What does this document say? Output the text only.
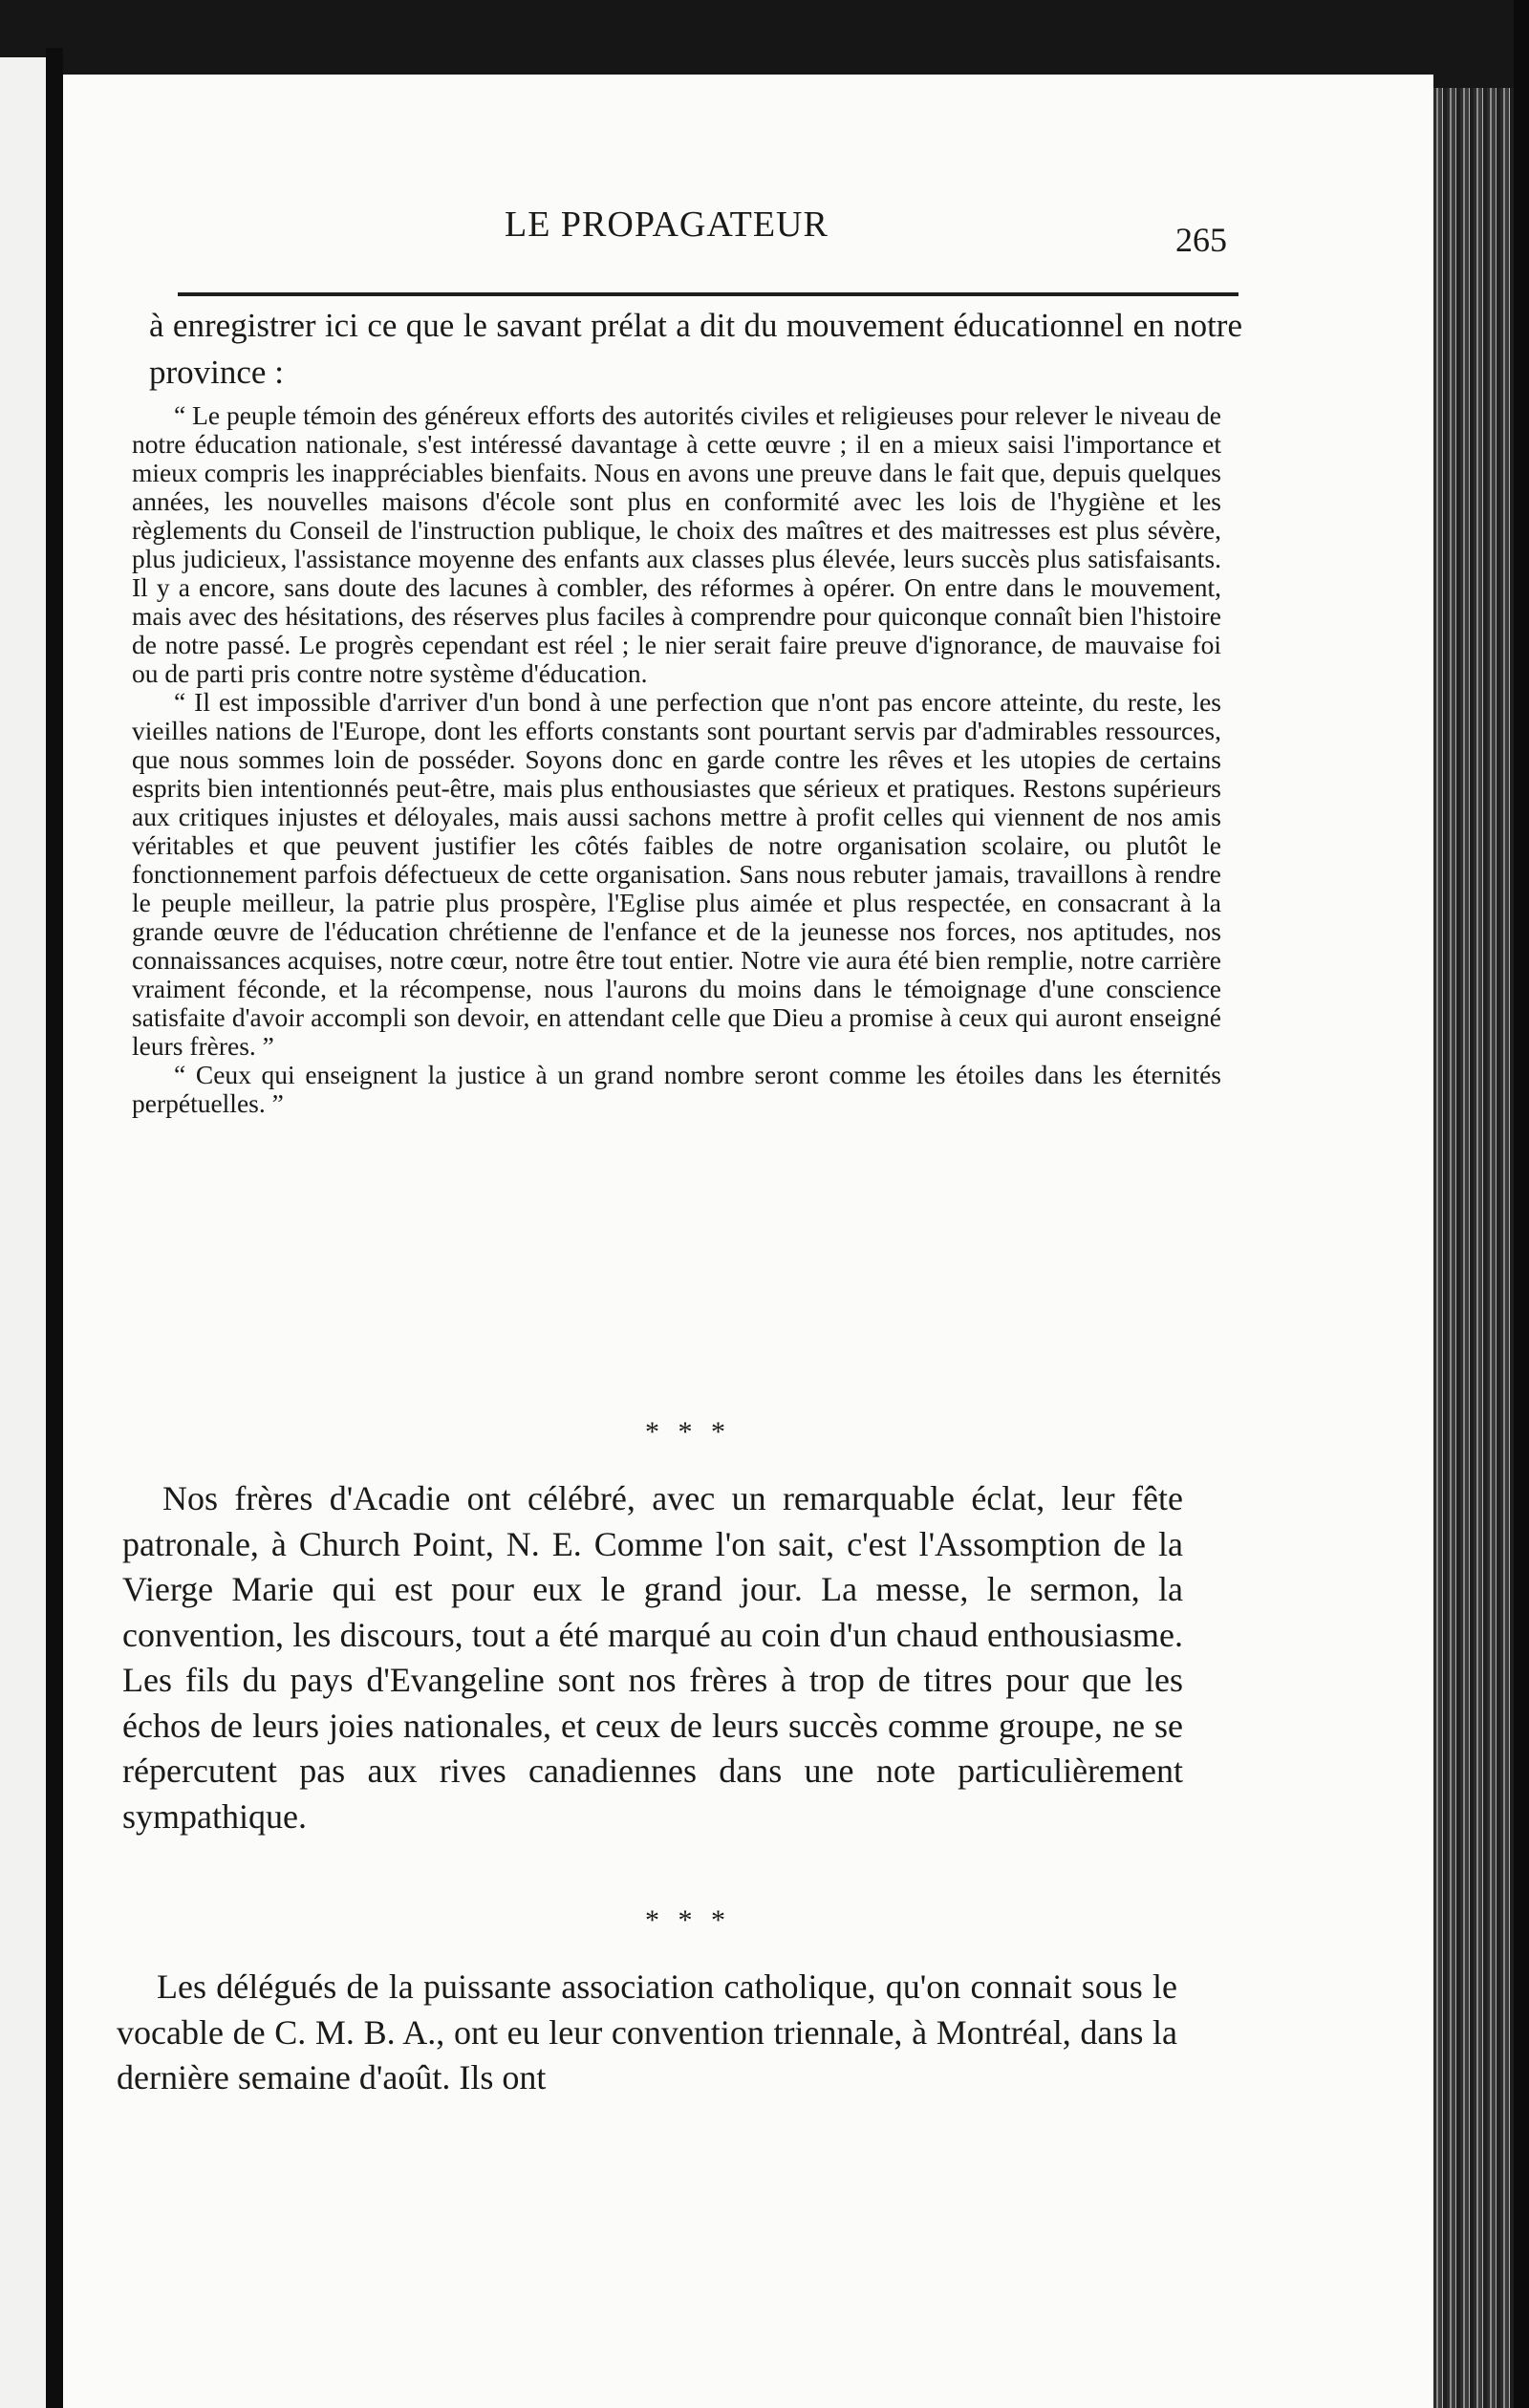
LE PROPAGATEUR	265
à enregistrer ici ce que le savant prélat a dit du mouvement éducationnel en notre province :

“ Le peuple témoin des généreux efforts des autorités civiles et religieuses pour relever le niveau de notre éducation nationale, s'est intéressé davantage à cette œuvre ; il en a mieux saisi l'importance et mieux compris les inappréciables bienfaits. Nous en avons une preuve dans le fait que, depuis quelques années, les nouvelles maisons d'école sont plus en conformité avec les lois de l'hygiène et les règlements du Conseil de l'instruction publique, le choix des maîtres et des maitresses est plus sévère, plus judicieux, l'assistance moyenne des enfants aux classes plus élevée, leurs succès plus satisfaisants. Il y a encore, sans doute des lacunes à combler, des réformes à opérer. On entre dans le mouvement, mais avec des hésitations, des réserves plus faciles à comprendre pour quiconque connaît bien l'histoire de notre passé. Le progrès cependant est réel ; le nier serait faire preuve d'ignorance, de mauvaise foi ou de parti pris contre notre système d'éducation.

“ Il est impossible d'arriver d'un bond à une perfection que n'ont pas encore atteinte, du reste, les vieilles nations de l'Europe, dont les efforts constants sont pourtant servis par d'admirables ressources, que nous sommes loin de posséder. Soyons donc en garde contre les rêves et les utopies de certains esprits bien intentionnés peut-être, mais plus enthousiastes que sérieux et pratiques. Restons supérieurs aux critiques injustes et déloyales, mais aussi sachons mettre à profit celles qui viennent de nos amis véritables et que peuvent justifier les côtés faibles de notre organisation scolaire, ou plutôt le fonctionnement parfois défectueux de cette organisation. Sans nous rebuter jamais, travaillons à rendre le peuple meilleur, la patrie plus prospère, l'Eglise plus aimée et plus respectée, en consacrant à la grande œuvre de l'éducation chrétienne de l'enfance et de la jeunesse nos forces, nos aptitudes, nos connaissances acquises, notre cœur, notre être tout entier. Notre vie aura été bien remplie, notre carrière vraiment féconde, et la récompense, nous l'aurons du moins dans le témoignage d'une conscience satisfaite d'avoir accompli son devoir, en attendant celle que Dieu a promise à ceux qui auront enseigné leurs frères. ”

“ Ceux qui enseignent la justice à un grand nombre seront comme les étoiles dans les éternités perpétuelles. ”

* * *

Nos frères d'Acadie ont célébré, avec un remarquable éclat, leur fête patronale, à Church Point, N. E. Comme l'on sait, c'est l'Assomption de la Vierge Marie qui est pour eux le grand jour. La messe, le sermon, la convention, les discours, tout a été marqué au coin d'un chaud enthousiasme. Les fils du pays d'Evangeline sont nos frères à trop de titres pour que les échos de leurs joies nationales, et ceux de leurs succès comme groupe, ne se répercutent pas aux rives canadiennes dans une note particulièrement sympathique.

* * *

Les délégués de la puissante association catholique, qu'on connait sous le vocable de C. M. B. A., ont eu leur convention triennale, à Montréal, dans la dernière semaine d'août. Ils ont
